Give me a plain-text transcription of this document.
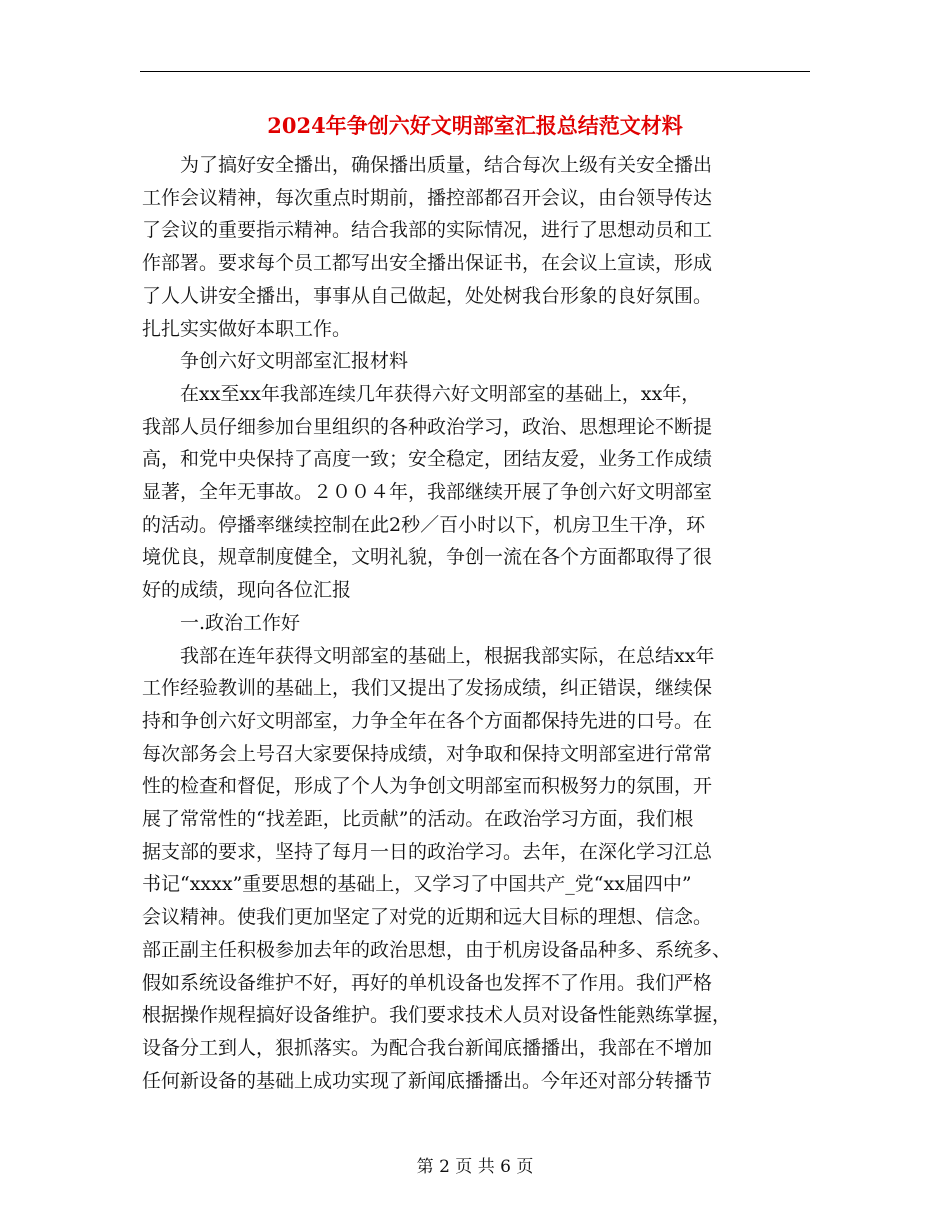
2024年争创六好文明部室汇报总结范文材料

为了搞好安全播出，确保播出质量，结合每次上级有关安全播出

工作会议精神，每次重点时期前，播控部都召开会议，由台领导传达

了会议的重要指示精神。结合我部的实际情况，进行了思想动员和工

作部署。要求每个员工都写出安全播出保证书，在会议上宣读，形成

了人人讲安全播出，事事从自己做起，处处树我台形象的良好氛围。

扎扎实实做好本职工作。

争创六好文明部室汇报材料

在xx至xx年我部连续几年获得六好文明部室的基础上，xx年，

我部人员仔细参加台里组织的各种政治学习，政治、思想理论不断提

高，和党中央保持了高度一致；安全稳定，团结友爱，业务工作成绩

显著，全年无事故。２００４年，我部继续开展了争创六好文明部室

的活动。停播率继续控制在此2秒／百小时以下，机房卫生干净，环

境优良，规章制度健全，文明礼貌，争创一流在各个方面都取得了很

好的成绩，现向各位汇报

一.政治工作好

我部在连年获得文明部室的基础上，根据我部实际，在总结xx年

工作经验教训的基础上，我们又提出了发扬成绩，纠正错误，继续保

持和争创六好文明部室，力争全年在各个方面都保持先进的口号。在

每次部务会上号召大家要保持成绩，对争取和保持文明部室进行常常

性的检查和督促，形成了个人为争创文明部室而积极努力的氛围，开

展了常常性的“找差距，比贡献”的活动。在政治学习方面，我们根

据支部的要求，坚持了每月一日的政治学习。去年，在深化学习江总

书记“xxxx”重要思想的基础上，又学习了中国共产_党“xx届四中”

会议精神。使我们更加坚定了对党的近期和远大目标的理想、信念。

部正副主任积极参加去年的政治思想，由于机房设备品种多、系统多、

假如系统设备维护不好，再好的单机设备也发挥不了作用。我们严格

根据操作规程搞好设备维护。我们要求技术人员对设备性能熟练掌握，

设备分工到人，狠抓落实。为配合我台新闻底播播出，我部在不增加

任何新设备的基础上成功实现了新闻底播播出。今年还对部分转播节

第 2 页 共 6 页
